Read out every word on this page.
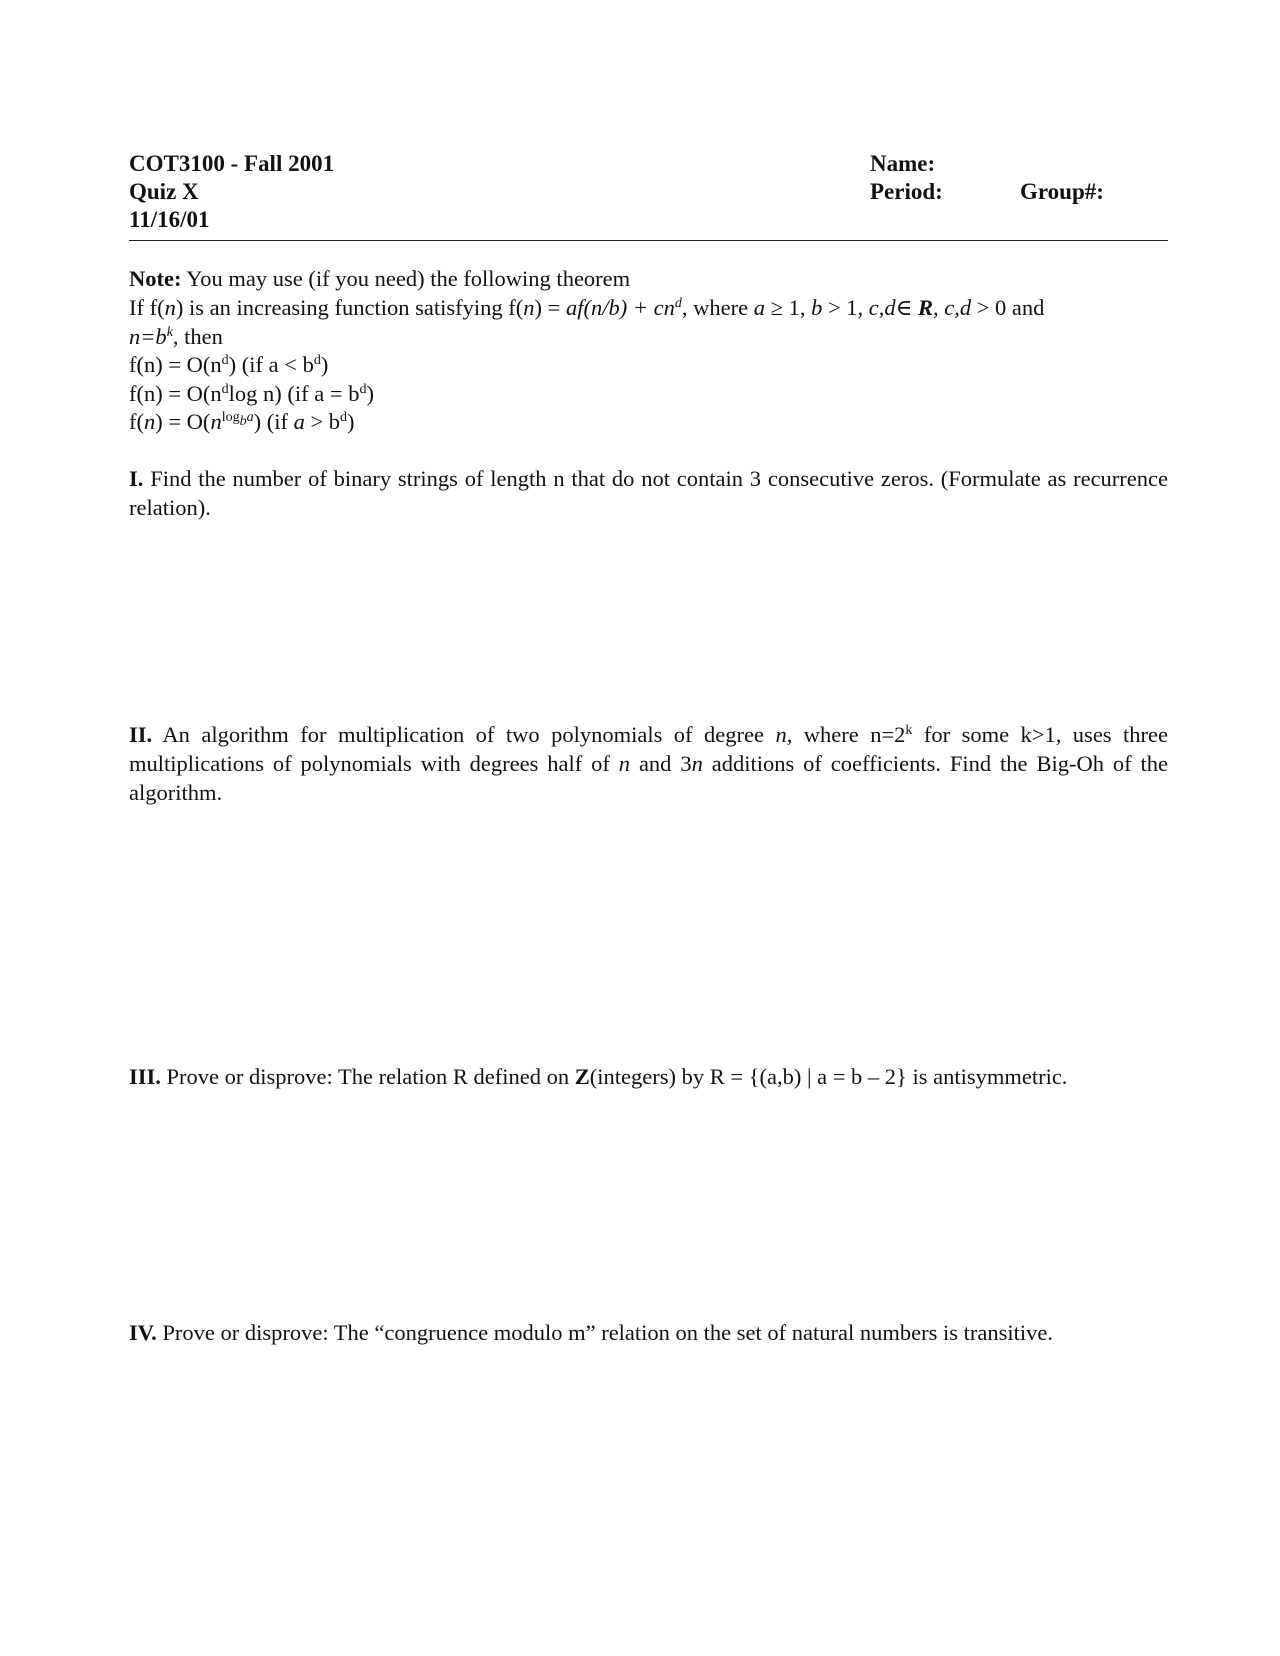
COT3100 - Fall 2001
Quiz X
11/16/01
Name:
Period:	Group#:

Note: You may use (if you need) the following theorem

If f(n) is an increasing function satisfying $f(n) = af(n/b) + cn^d$, where a ≥ 1, b > 1, c,d∈ R, c,d > 0 and
$n=b^k$, then

$f(n) = O(n^d)$ (if $a < b^d$)
$f(n) = O(n^d\log$ n) (if $a = b^d$)
$f(n) = O(n^{log_ba})$ (if $a > b^d$)

I. Find the number of binary strings of length n that do not contain 3 consecutive zeros. (Formulate as recurrence relation).

II. An algorithm for multiplication of two polynomials of degree n, where $n=2^k$ for some k>1, uses three multiplications of polynomials with degrees half of n and 3n additions of coefficients. Find the Big-Oh of the algorithm.

III. Prove or disprove: The relation R defined on Z(integers) by R = {(a,b) | a = b – 2} is antisymmetric.

IV. Prove or disprove: The “congruence modulo m” relation on the set of natural numbers is transitive.
